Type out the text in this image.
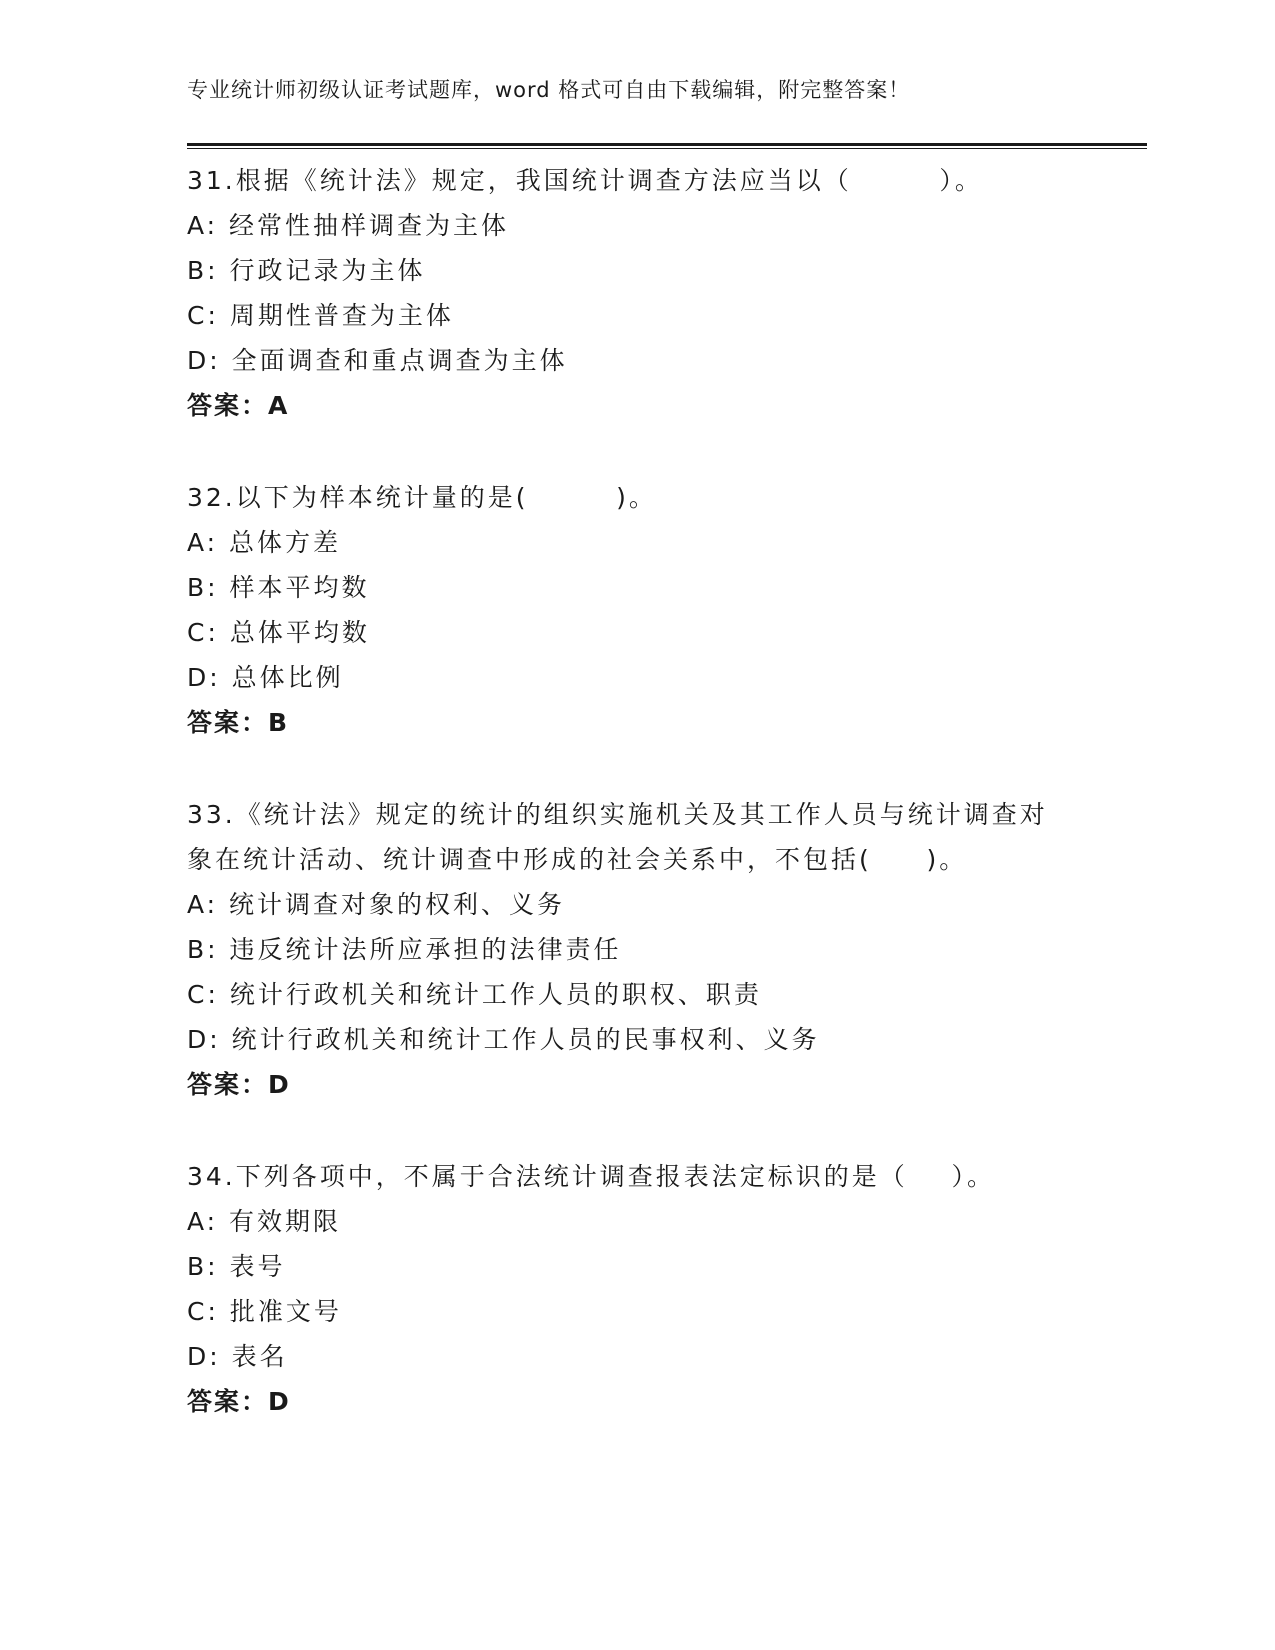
专业统计师初级认证考试题库，word 格式可自由下载编辑，附完整答案！
31.根据《统计法》规定，我国统计调查方法应当以（        ）。
A: 经常性抽样调查为主体
B: 行政记录为主体
C: 周期性普查为主体
D: 全面调查和重点调查为主体
答案：A
32.以下为样本统计量的是(        )。
A: 总体方差
B: 样本平均数
C: 总体平均数
D: 总体比例
答案：B
33.《统计法》规定的统计的组织实施机关及其工作人员与统计调查对
象在统计活动、统计调查中形成的社会关系中，不包括(     )。
A: 统计调查对象的权利、义务
B: 违反统计法所应承担的法律责任
C: 统计行政机关和统计工作人员的职权、职责
D: 统计行政机关和统计工作人员的民事权利、义务
答案：D
34.下列各项中，不属于合法统计调查报表法定标识的是（    ）。
A: 有效期限
B: 表号
C: 批准文号
D: 表名
答案：D
